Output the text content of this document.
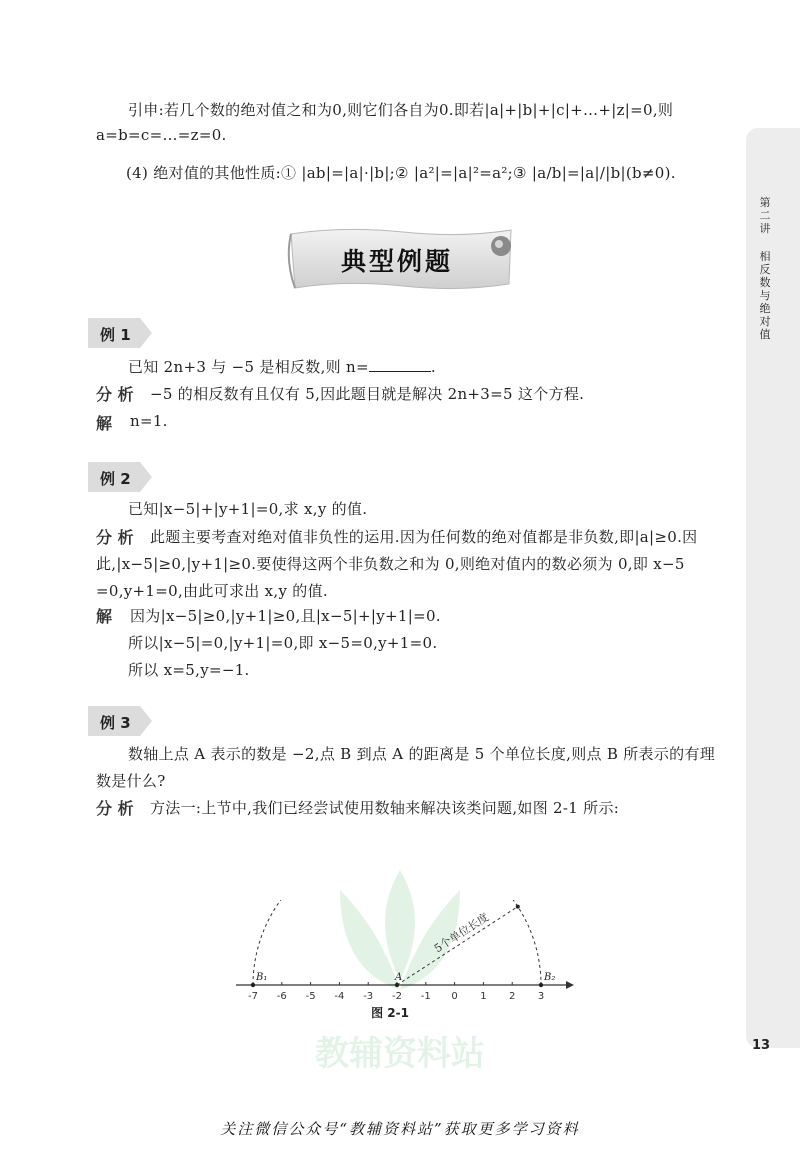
第二讲
相反数与绝对值
引申:若几个数的绝对值之和为0,则它们各自为0.即若|a|+|b|+|c|+…+|z|=0,则
a=b=c=…=z=0.
(4) 绝对值的其他性质:① |ab|=|a|·|b|;② |a²|=|a|²=a²;③ |a/b|=|a|/|b|(b≠0).
典型例题
例 1
已知 2n+3 与 −5 是相反数,则 n=	.
分 析 −5 的相反数有且仅有 5,因此题目就是解决 2n+3=5 这个方程.
解 n=1.
例 2
已知|x−5|+|y+1|=0,求 x,y 的值.
分 析 此题主要考查对绝对值非负性的运用.因为任何数的绝对值都是非负数,即|a|≥0.因
此,|x−5|≥0,|y+1|≥0.要使得这两个非负数之和为 0,则绝对值内的数必须为 0,即 x−5
=0,y+1=0,由此可求出 x,y 的值.
解 因为|x−5|≥0,|y+1|≥0,且|x−5|+|y+1|=0.
所以|x−5|=0,|y+1|=0,即 x−5=0,y+1=0.
所以 x=5,y=−1.
例 3
数轴上点 A 表示的数是 −2,点 B 到点 A 的距离是 5 个单位长度,则点 B 所表示的有理
数是什么?
分 析 方法一:上节中,我们已经尝试使用数轴来解决该类问题,如图 2-1 所示:
教辅资料站
-7 -6 -5 -4 -3 -2 -1 0 1 2 3
B₁	A	B₂
5个单位长度
图 2-1
13
关注微信公众号“教辅资料站”获取更多学习资料
